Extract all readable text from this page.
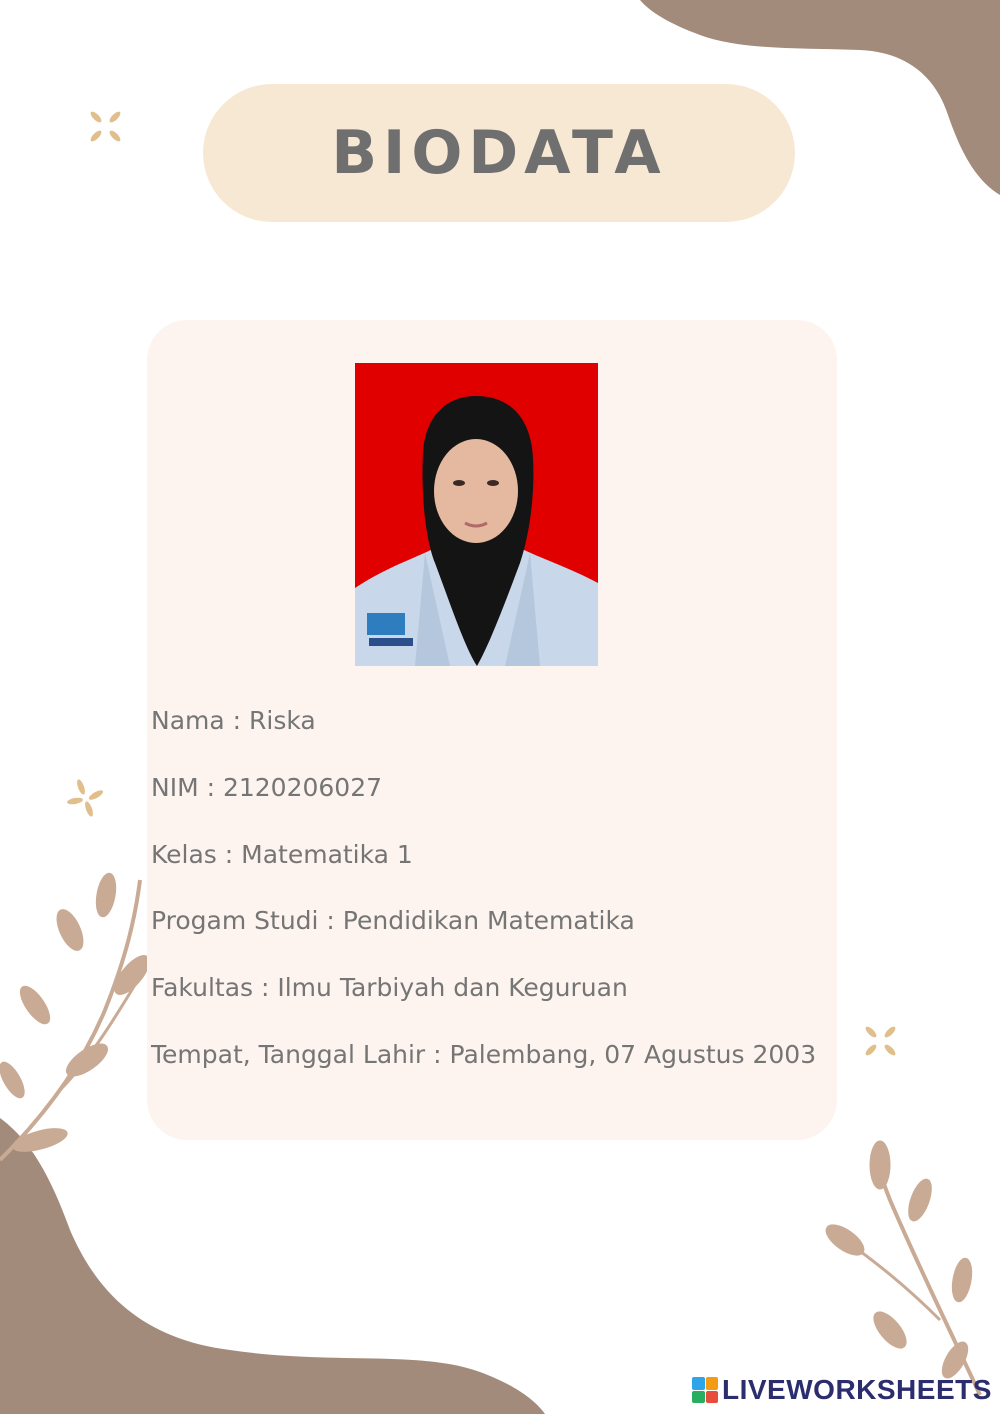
BIODATA
Nama : Riska
NIM : 2120206027
Kelas : Matematika 1
Progam Studi : Pendidikan Matematika
Fakultas : Ilmu Tarbiyah dan Keguruan
Tempat, Tanggal Lahir : Palembang, 07 Agustus 2003
LIVEWORKSHEETS
